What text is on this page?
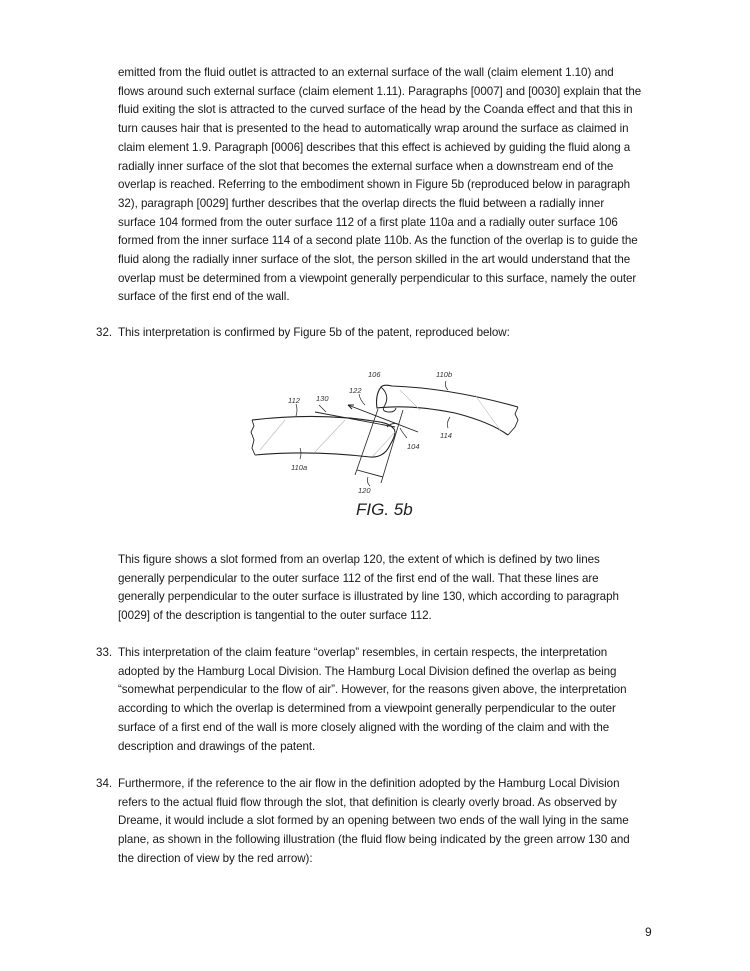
emitted from the fluid outlet is attracted to an external surface of the wall (claim element 1.10) and
flows around such external surface (claim element 1.11). Paragraphs [0007] and [0030] explain that the
fluid exiting the slot is attracted to the curved surface of the head by the Coanda effect and that this in
turn causes hair that is presented to the head to automatically wrap around the surface as claimed in
claim element 1.9. Paragraph [0006] describes that this effect is achieved by guiding the fluid along a
radially inner surface of the slot that becomes the external surface when a downstream end of the
overlap is reached. Referring to the embodiment shown in Figure 5b (reproduced below in paragraph
32), paragraph [0029] further describes that the overlap directs the fluid between a radially inner
surface 104 formed from the outer surface 112 of a first plate 110a and a radially outer surface 106
formed from the inner surface 114 of a second plate 110b. As the function of the overlap is to guide the
fluid along the radially inner surface of the slot, the person skilled in the art would understand that the
overlap must be determined from a viewpoint generally perpendicular to this surface, namely the outer
surface of the first end of the wall.
32. This interpretation is confirmed by Figure 5b of the patent, reproduced below:
106	110b
122
112 130
104
114
110a
120
FIG. 5b
This figure shows a slot formed from an overlap 120, the extent of which is defined by two lines
generally perpendicular to the outer surface 112 of the first end of the wall. That these lines are
generally perpendicular to the outer surface is illustrated by line 130, which according to paragraph
[0029] of the description is tangential to the outer surface 112.
33. This interpretation of the claim feature “overlap” resembles, in certain respects, the interpretation
adopted by the Hamburg Local Division. The Hamburg Local Division defined the overlap as being
“somewhat perpendicular to the flow of air”. However, for the reasons given above, the interpretation
according to which the overlap is determined from a viewpoint generally perpendicular to the outer
surface of a first end of the wall is more closely aligned with the wording of the claim and with the
description and drawings of the patent.
34. Furthermore, if the reference to the air flow in the definition adopted by the Hamburg Local Division
refers to the actual fluid flow through the slot, that definition is clearly overly broad. As observed by
Dreame, it would include a slot formed by an opening between two ends of the wall lying in the same
plane, as shown in the following illustration (the fluid flow being indicated by the green arrow 130 and
the direction of view by the red arrow):
9
